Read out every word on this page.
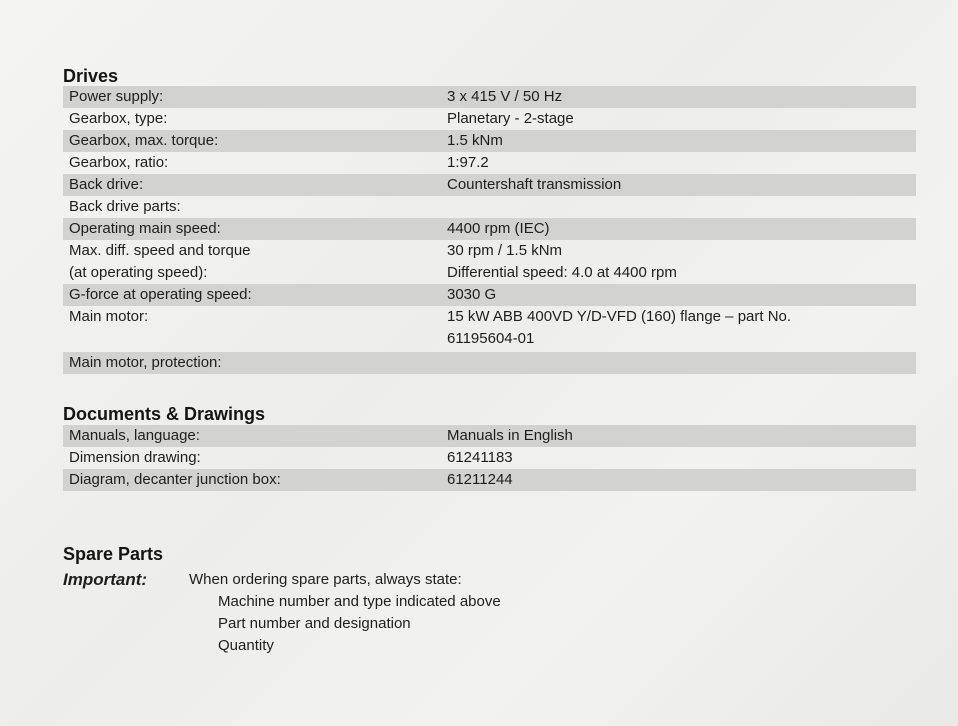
Drives
Power supply:	3 x 415 V / 50 Hz
Gearbox, type:	Planetary - 2-stage
Gearbox, max. torque:	1.5 kNm
Gearbox, ratio:	1:97.2
Back drive:	Countershaft transmission
Back drive parts:
Operating main speed:	4400 rpm (IEC)
Max. diff. speed and torque	30 rpm / 1.5 kNm
(at operating speed):	Differential speed: 4.0 at 4400 rpm
G-force at operating speed:	3030 G
Main motor:	15 kW ABB 400VD Y/D-VFD (160) flange – part No.
61195604-01
Main motor, protection:
Documents & Drawings
Manuals, language:	Manuals in English
Dimension drawing:	61241183
Diagram, decanter junction box:	61211244
Spare Parts
Important:	When ordering spare parts, always state:
Machine number and type indicated above
Part number and designation
Quantity
